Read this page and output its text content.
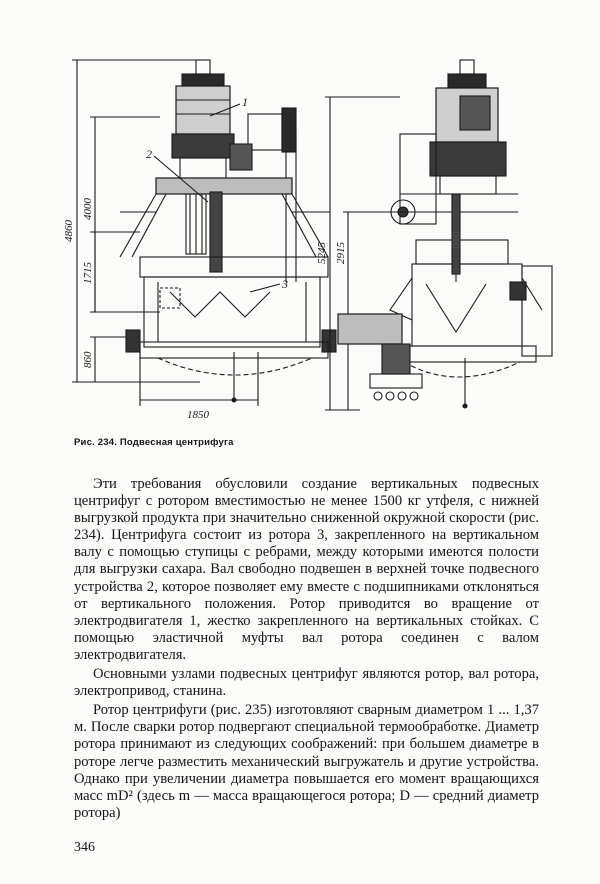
4860
4000
1715
860
1850
1
2
3
5245 2915
Рис. 234. Подвесная центрифуга

Эти требования обусловили создание вертикальных подвесных центрифуг с ротором вместимостью не менее 1500 кг утфеля, с нижней выгрузкой продукта при значительно сниженной окружной скорости (рис. 234). Центрифуга состоит из ротора 3, закрепленного на вертикальном валу с помощью ступицы с ребрами, между которыми имеются полости для выгрузки сахара. Вал свободно подвешен в верхней точке подвесного устройства 2, которое позволяет ему вместе с подшипниками отклоняться от вертикального положения. Ротор приводится во вращение от электродвигателя 1, жестко закрепленного на вертикальных стойках. С помощью эластичной муфты вал ротора соединен с валом электродвигателя.

Основными узлами подвесных центрифуг являются ротор, вал ротора, электропривод, станина.

Ротор центрифуги (рис. 235) изготовляют сварным диаметром 1 ... 1,37 м. После сварки ротор подвергают специальной термообработке. Диаметр ротора принимают из следующих соображений: при большем диаметре в роторе легче разместить механический выгружатель и другие устройства. Однако при увеличении диаметра повышается его момент вращающихся масс mD² (здесь m — масса вращающегося ротора; D — средний диаметр ротора)

346
